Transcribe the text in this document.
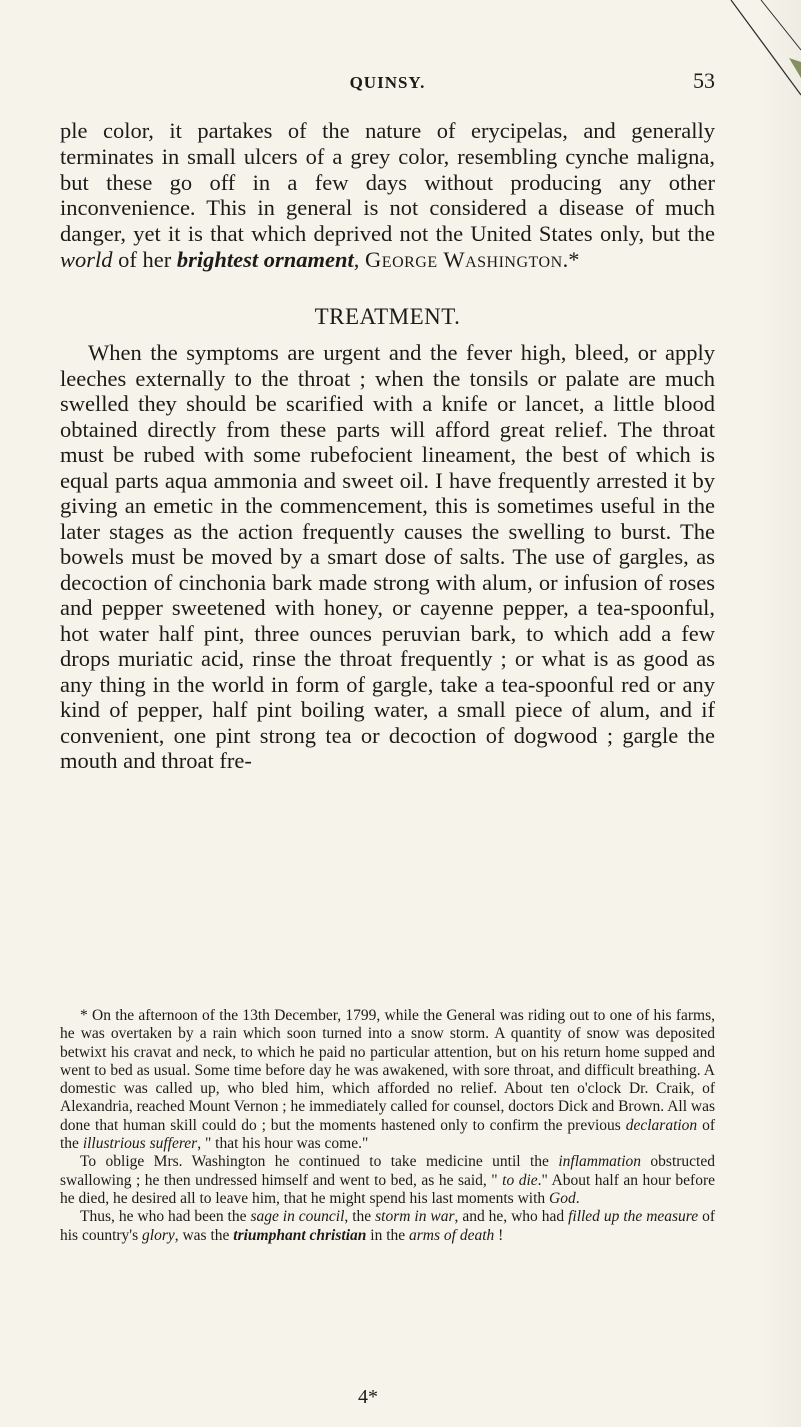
QUINSY.	53

ple color, it partakes of the nature of erycipelas, and generally terminates in small ulcers of a grey color, resembling cynche maligna, but these go off in a few days without producing any other inconvenience. This in general is not considered a disease of much danger, yet it is that which deprived not the United States only, but the world of her brightest ornament, George Washington.*

TREATMENT.

When the symptoms are urgent and the fever high, bleed, or apply leeches externally to the throat ; when the tonsils or palate are much swelled they should be scarified with a knife or lancet, a little blood obtained directly from these parts will afford great relief. The throat must be rubed with some rubefocient lineament, the best of which is equal parts aqua ammonia and sweet oil. I have frequently arrested it by giving an emetic in the commencement, this is sometimes useful in the later stages as the action frequently causes the swelling to burst. The bowels must be moved by a smart dose of salts. The use of gargles, as decoction of cinchonia bark made strong with alum, or infusion of roses and pepper sweetened with honey, or cayenne pepper, a tea-spoonful, hot water half pint, three ounces peruvian bark, to which add a few drops muriatic acid, rinse the throat frequently ; or what is as good as any thing in the world in form of gargle, take a tea-spoonful red or any kind of pepper, half pint boiling water, a small piece of alum, and if convenient, one pint strong tea or decoction of dogwood ; gargle the mouth and throat fre-

* On the afternoon of the 13th December, 1799, while the General was riding out to one of his farms, he was overtaken by a rain which soon turned into a snow storm. A quantity of snow was deposited betwixt his cravat and neck, to which he paid no particular attention, but on his return home supped and went to bed as usual. Some time before day he was awakened, with sore throat, and difficult breathing. A domestic was called up, who bled him, which afforded no relief. About ten o'clock Dr. Craik, of Alexandria, reached Mount Vernon ; he immediately called for counsel, doctors Dick and Brown. All was done that human skill could do ; but the moments hastened only to confirm the previous declaration of the illustrious sufferer, " that his hour was come."

To oblige Mrs. Washington he continued to take medicine until the inflammation obstructed swallowing ; he then undressed himself and went to bed, as he said, " to die." About half an hour before he died, he desired all to leave him, that he might spend his last moments with God.

Thus, he who had been the sage in council, the storm in war, and he, who had filled up the measure of his country's glory, was the triumphant christian in the arms of death !

4*
